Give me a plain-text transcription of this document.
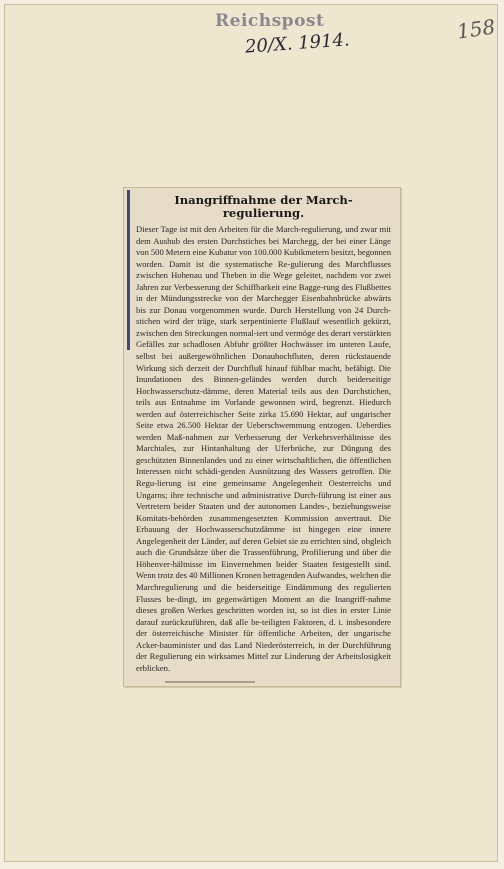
Reichspost
20/X. 1914.	158
Inangriffnahme der March-regulierung.
Dieser Tage ist mit den Arbeiten für die March-regulierung, und zwar mit dem Aushub des ersten Durchstiches bei Marchegg, der bei einer Länge von 500 Metern eine Kubatur von 100.000 Kubikmetern besitzt, begonnen worden. Damit ist die systematische Re-gulierung des Marchflusses zwischen Hohenau und Theben in die Wege geleitet, nachdem vor zwei Jahren zur Verbesserung der Schiffbarkeit eine Bagge-rung des Flußbettes in der Mündungsstrecke von der Marchegger Eisenbahnbrücke abwärts bis zur Donau vorgenommen wurde. Durch Herstellung von 24 Durch-stichen wird der träge, stark serpentinierte Flußlauf wesentlich gekürzt, zwischen den Streckungen normal-iert und vermöge des derart verstärkten Gefälles zur schadlosen Abfuhr größter Hochwässer im unteren Laufe, selbst bei außergewöhnlichen Donauhochfluten, deren rückstauende Wirkung sich derzeit der Durchfluß hinauf fühlbar macht, befähigt. Die Inundationen des Binnen-geländes werden durch beiderseitige Hochwasserschutz-dämme, deren Material teils aus den Durchstichen, teils aus Entnahme im Vorlande gewonnen wird, begrenzt. Hiedurch werden auf österreichischer Seite zirka 15.690 Hektar, auf ungarischer Seite etwa 26.500 Hektar der Ueberschwemmung entzogen. Ueberdies werden Maß-nahmen zur Verbesserung der Verkehrsverhältnisse des Marchtales, zur Hintanhaltung der Uferbrüche, zur Düngung des geschützten Binnenlandes und zu einer wirtschaftlichen, die öffentlichen Interessen nicht schädi-genden Ausnützung des Wassers getroffen. Die Regu-lierung ist eine gemeinsame Angelegenheit Oesterreichs und Ungarns; ihre technische und administrative Durch-führung ist einer aus Vertretern beider Staaten und der autonomen Landes-, beziehungsweise Komitats-behörden zusammengesetzten Kommission anvertraut. Die Erbauung der Hochwasserschutzdämme ist hingegen eine innere Angelegenheit der Länder, auf deren Gebiet sie zu errichten sind, obgleich auch die Grundsätze über die Trassenführung, Profilierung und über die Höhenver-hältnisse im Einvernehmen beider Staaten festgestellt sind. Wenn trotz des 40 Millionen Kronen betragenden Aufwandes, welchen die Marchregulierung und die beiderseitige Eindämmung des regulierten Flusses be-dingt, im gegenwärtigen Moment an die Inangriff-nahme dieses großen Werkes geschritten worden ist, so ist dies in erster Linie darauf zurückzuführen, daß alle be-teiligten Faktoren, d. i. insbesondere der österreichische Minister für öffentliche Arbeiten, der ungarische Acker-bauminister und das Land Niederösterreich, in der Durchführung der Regulierung ein wirksames Mittel zur Linderung der Arbeitslosigkeit erblicken.
